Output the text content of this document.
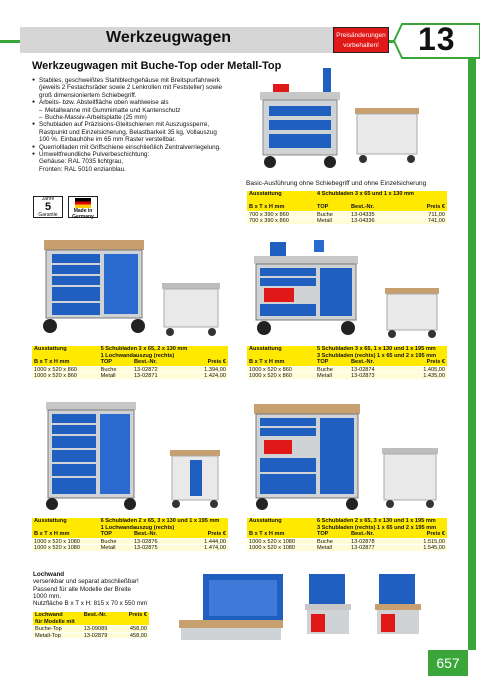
Werkzeugwagen	Preisänderungen vorbehalten!	13
657
Werkzeugwagen mit Buche-Top oder Metall-Top
● Stabiles, geschweißtes Stahlblechgehäuse mit Breitspurfahrwerk
(jeweils 2 Festachsräder sowie 2 Lenkrollen mit Feststeller) sowie
groß dimensioniertem Schiebegriff.
● Arbeits- bzw. Abstellfläche oben wahlweise als
– Metallwanne mit Gummimatte und Kantenschutz
– Buche-Massiv-Arbeitsplatte (25 mm)
● Schubladen auf Präzisions-Gleitschienen mit Auszugssperre,
Rastpunkt und Einzelsicherung, Belastbarkeit 35 kg, Vollauszug
100 %. Einbauhöhe im 65 mm Raster verstellbar.
● Querriollladen mit Griffschiene einschließlich Zentralverriegelung.
● Umweltfreundliche Pulverbeschichtung:
Gehäuse: RAL 7035 lichtgrau,
Fronten: RAL 5010 enzianblau.
Jahre
5
Garantie
Made in Germany
Basic-Ausführung ohne Schiebegriff und ohne Einzelsicherung
Lochwand
versenkbar und separat abschließbar!
Passend für alle Modelle der Breite
1000 mm.
Nutzfläche B x T x H: 815 x 70 x 550 mm
Lochwand	Best.-Nr.	Preis €
für Modelle mit
Buche-Top	13-09089	458,00
Metall-Top	13-02879	458,00
Ausstattung	4 Schubladen 3 x 65 und 1 x 130 mm
B x T x H mm	TOP	Best.-Nr.	Preis €
700 x 390 x 860	Buche	13-04335	711,00
700 x 390 x 860	Metall	13-04336	741,00
Ausstattung	5 Schubladen 3 x 65, 2 x 130 mm
1 Lochwandauszug (rechts)
B x T x H mm	TOP	Best.-Nr.	Preis €
1000 x 520 x 860	Buche	13-02872	1.394,00
1000 x 520 x 860	Metall	13-02871	1.424,00
Ausstattung	5 Schubladen 3 x 65, 1 x 130 und 1 x 195 mm
3 Schubladen (rechts) 1 x 65 und 2 x 195 mm
B x T x H mm	TOP	Best.-Nr.	Preis €
1000 x 520 x 860	Buche	13-02874	1.405,00
1000 x 520 x 860	Metall	13-02873	1.435,00
Ausstattung	6 Schubladen 2 x 65, 3 x 130 und 1 x 195 mm
1 Lochwandauszug (rechts)
B x T x H mm	TOP	Best.-Nr.	Preis €
1000 x 520 x 1080	Buche	13-02876	1.444,00
1000 x 520 x 1080	Metall	13-02875	1.474,00
Ausstattung	6 Schubladen 2 x 65, 3 x 130 und 1 x 195 mm
3 Schubladen (rechts) 1 x 65 und 2 x 195 mm
B x T x H mm	TOP	Best.-Nr.	Preis €
1000 x 520 x 1080	Buche	13-02878	1.515,00
1000 x 520 x 1080	Metall	13-02877	1.545,00
